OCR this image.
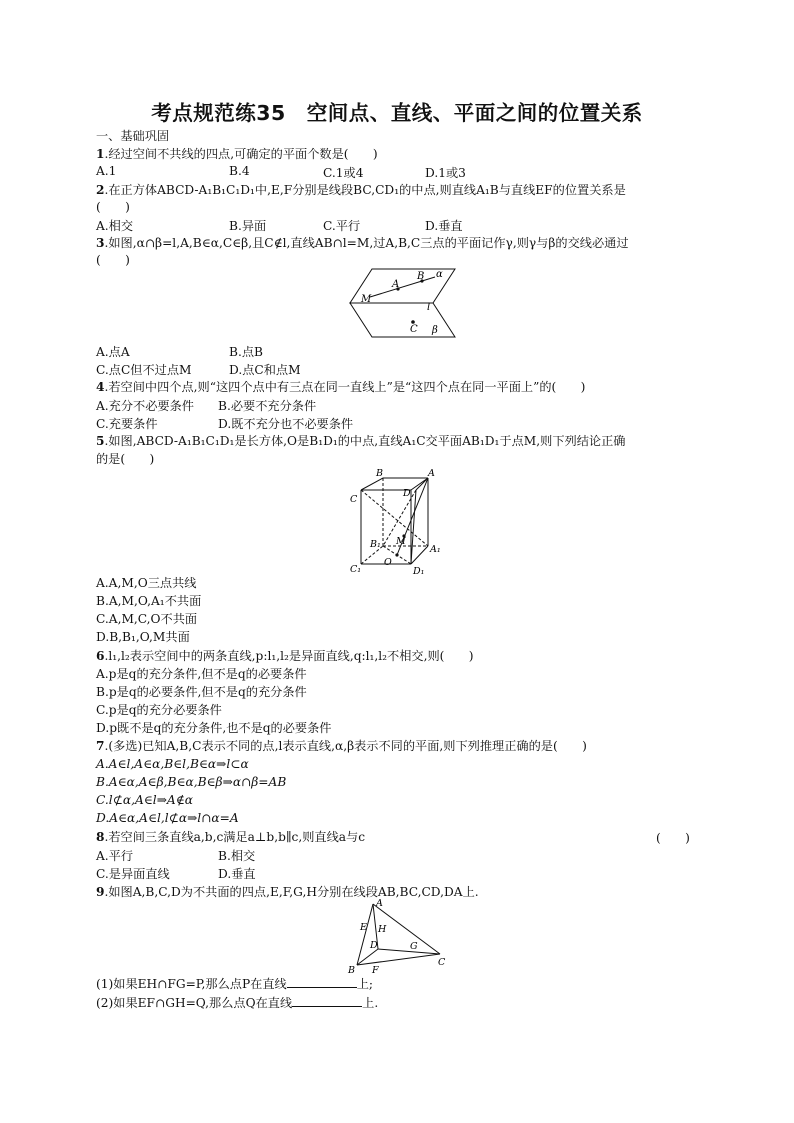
考点规范练35　空间点、直线、平面之间的位置关系
一、基础巩固
1.经过空间不共线的四点,可确定的平面个数是(　　)
A.1	B.4	C.1或4	D.1或3
2.在正方体ABCD-A₁B₁C₁D₁中,E,F分别是线段BC,CD₁的中点,则直线A₁B与直线EF的位置关系是
(　　)
A.相交	B.异面	C.平行	D.垂直
3.如图,α∩β=l,A,B∈α,C∈β,且C∉l,直线AB∩l=M,过A,B,C三点的平面记作γ,则γ与β的交线必通过
(　　)
B α
A
M
l
C β
A.点A	B.点B
C.点C但不过点M	D.点C和点M
4.若空间中四个点,则“这四个点中有三点在同一直线上”是“这四个点在同一平面上”的(　　)
A.充分不必要条件 B.必要不充分条件
C.充要条件	D.既不充分也不必要条件
5.如图,ABCD-A₁B₁C₁D₁是长方体,O是B₁D₁的中点,直线A₁C交平面AB₁D₁于点M,则下列结论正确
的是(　　)
B	A
D
C
B₁ M
A₁
C₁
O
D₁
A.A,M,O三点共线
B.A,M,O,A₁不共面
C.A,M,C,O不共面
D.B,B₁,O,M共面
6.l₁,l₂表示空间中的两条直线,p:l₁,l₂是异面直线,q:l₁,l₂不相交,则(　　)
A.p是q的充分条件,但不是q的必要条件
B.p是q的必要条件,但不是q的充分条件
C.p是q的充分必要条件
D.p既不是q的充分条件,也不是q的必要条件
7.(多选)已知A,B,C表示不同的点,l表示直线,α,β表示不同的平面,则下列推理正确的是(　　)
A.A∈l,A∈α,B∈l,B∈α⇒l⊂α
B.A∈α,A∈β,B∈α,B∈β⇒α∩β=AB
C.l⊄α,A∈l⇒A∉α
D.A∈α,A∈l,l⊄α⇒l∩α=A
8.若空间三条直线a,b,c满足a⊥b,b∥c,则直线a与c	(　　)
A.平行	B.相交
C.是异面直线	D.垂直
9.如图A,B,C,D为不共面的四点,E,F,G,H分别在线段AB,BC,CD,DA上.
A
E H
D	G
C
B F
(1)如果EH∩FG=P,那么点P在直线	上;
(2)如果EF∩GH=Q,那么点Q在直线	上.
